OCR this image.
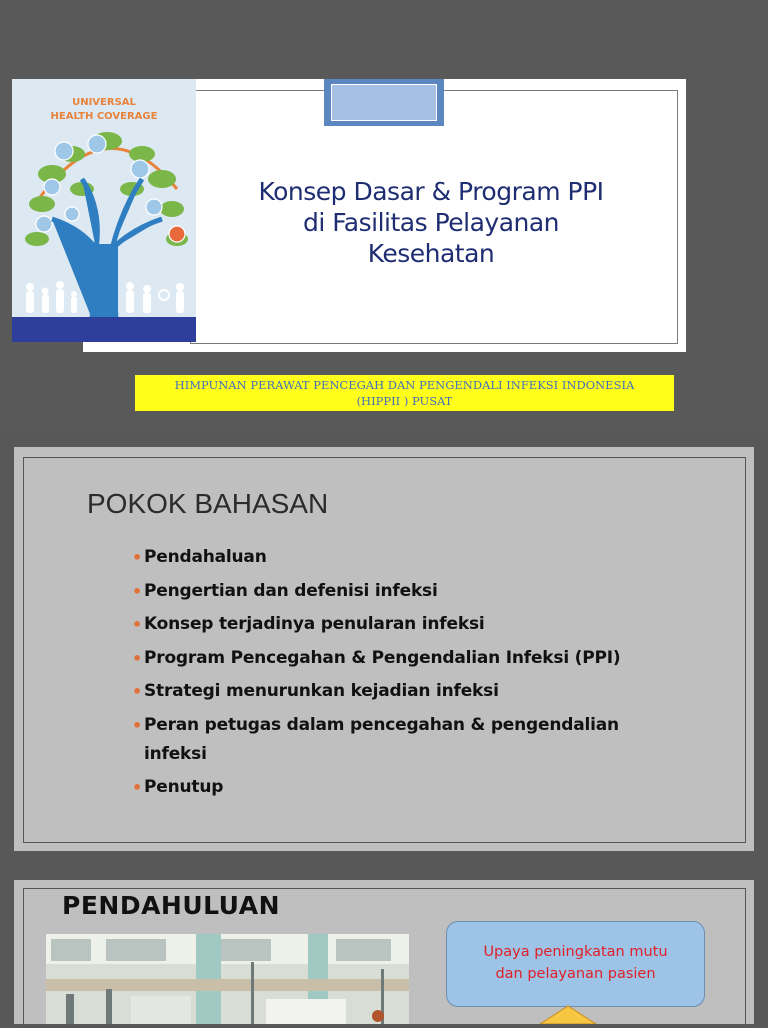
UNIVERSAL
HEALTH COVERAGE
Konsep Dasar & Program PPI
di Fasilitas Pelayanan
Kesehatan
HIMPUNAN PERAWAT PENCEGAH DAN PENGENDALI INFEKSI INDONESIA
(HIPPII ) PUSAT
POKOK BAHASAN
• Pendahaluan
• Pengertian dan defenisi infeksi
• Konsep terjadinya penularan infeksi
• Program Pencegahan & Pengendalian Infeksi (PPI)
• Strategi menurunkan kejadian infeksi
• Peran petugas dalam pencegahan & pengendalian infeksi
• Penutup
PENDAHULUAN
Upaya peningkatan mutu
dan pelayanan pasien
